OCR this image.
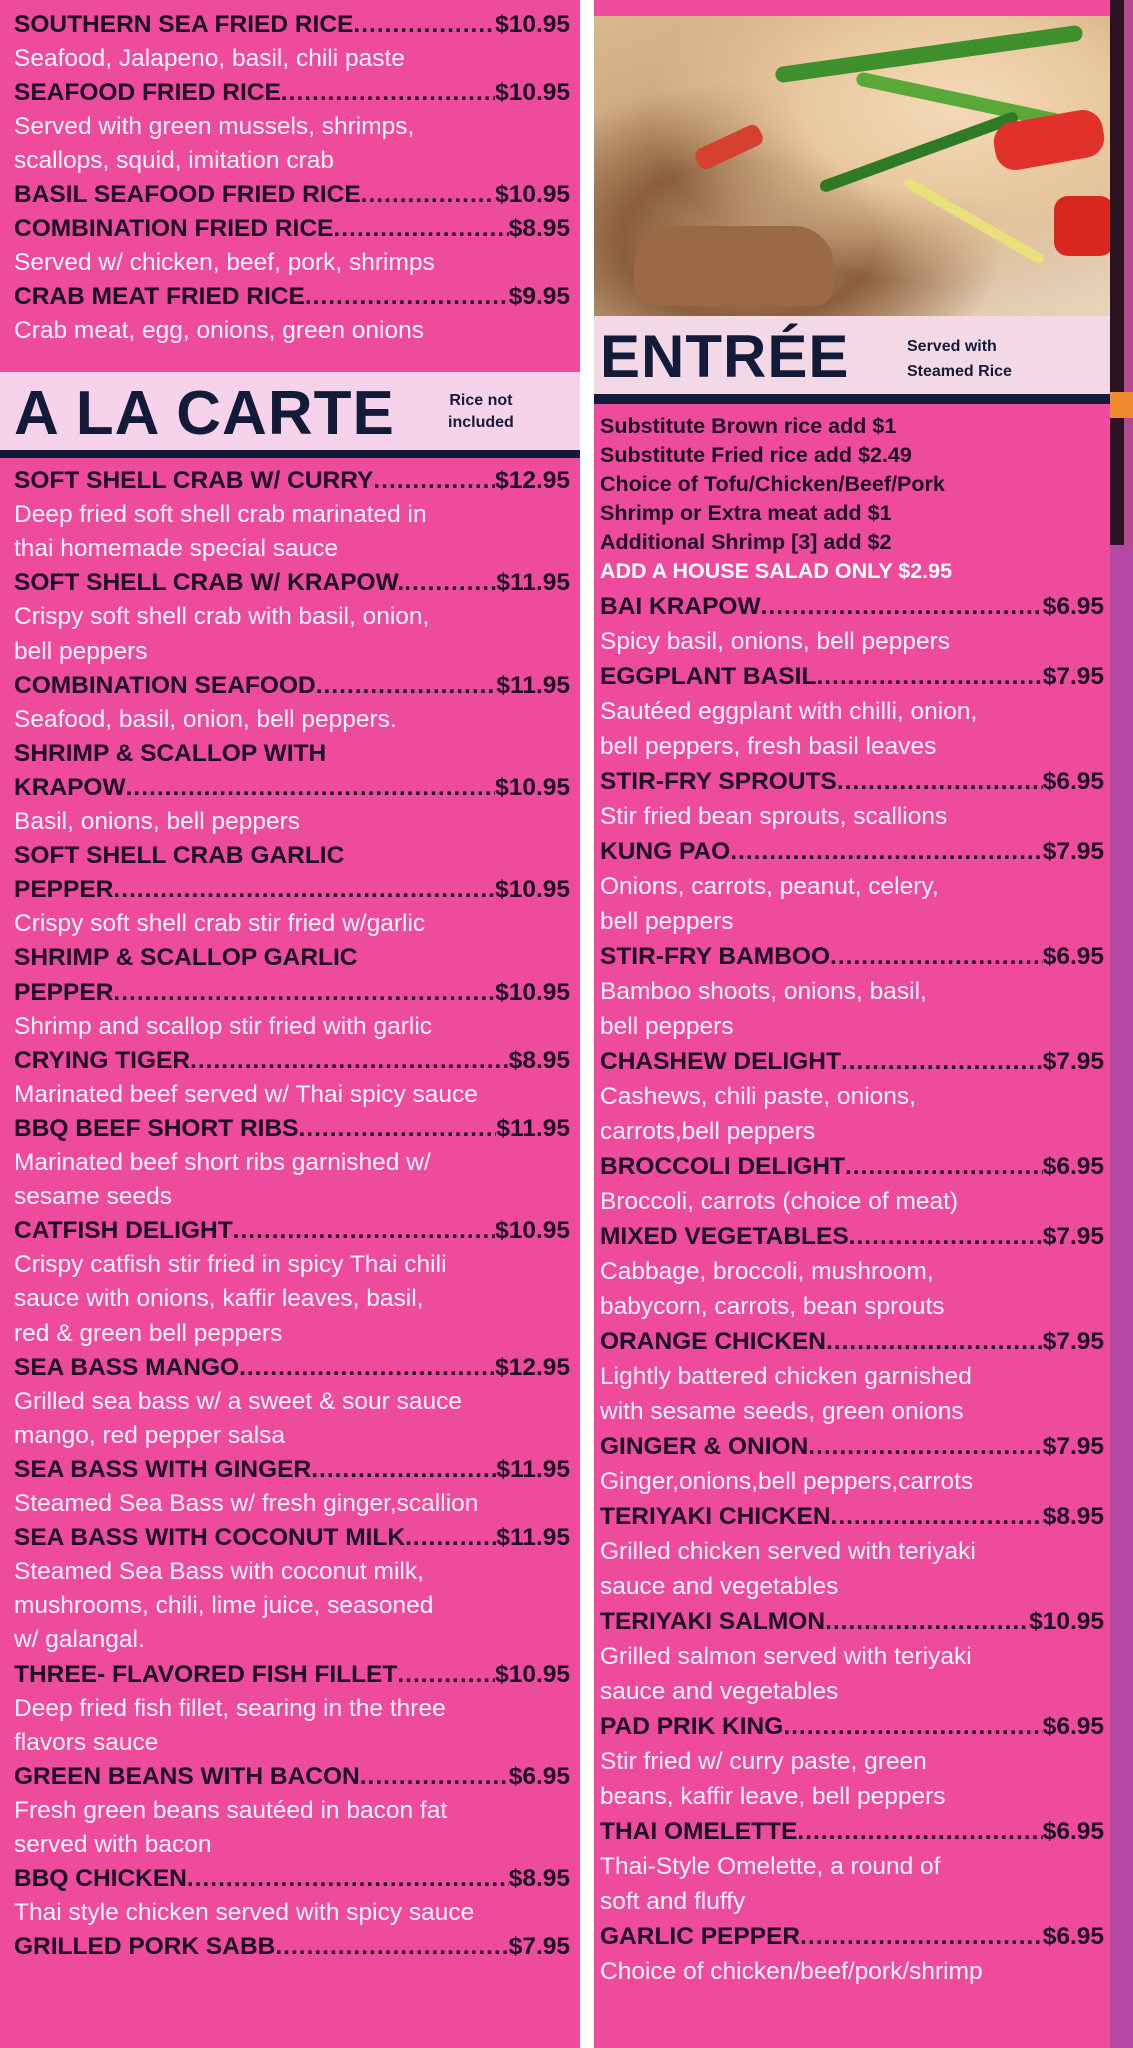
SOUTHERN SEA FRIED RICE .....	$10.95
Seafood, Jalapeno, basil, chili paste
SEAFOOD FRIED RICE .....	$10.95
Served with green mussels, shrimps,
scallops, squid, imitation crab
BASIL SEAFOOD FRIED RICE .....	$10.95
COMBINATION FRIED RICE .....	$8.95
Served w/ chicken, beef, pork, shrimps
CRAB MEAT FRIED RICE .....	$9.95
Crab meat, egg, onions, green onions
A LA CARTE	Rice not
included
SOFT SHELL CRAB W/ CURRY .....	$12.95
Deep fried soft shell crab marinated in
thai homemade special sauce
SOFT SHELL CRAB W/ KRAPOW. .....	$11.95
Crispy soft shell crab with basil, onion,
bell peppers
COMBINATION SEAFOOD .....	$11.95
Seafood, basil, onion, bell peppers.
SHRIMP & SCALLOP WITH
KRAPOW .....	$10.95
Basil, onions, bell peppers
SOFT SHELL CRAB GARLIC
PEPPER .....	$10.95
Crispy soft shell crab stir fried w/garlic
SHRIMP & SCALLOP GARLIC
PEPPER .....	$10.95
Shrimp and scallop stir fried with garlic
CRYING TIGER .....	$8.95
Marinated beef served w/ Thai spicy sauce
BBQ BEEF SHORT RIBS .....	$11.95
Marinated beef short ribs garnished w/
sesame seeds
CATFISH DELIGHT .....	$10.95
Crispy catfish stir fried in spicy Thai chili
sauce with onions, kaffir leaves, basil,
red & green bell peppers
SEA BASS MANGO .....	$12.95
Grilled sea bass w/ a sweet & sour sauce
mango, red pepper salsa
SEA BASS WITH GINGER .....	$11.95
Steamed Sea Bass w/ fresh ginger,scallion
SEA BASS WITH COCONUT MILK .....	$11.95
Steamed Sea Bass with coconut milk,
mushrooms, chili, lime juice, seasoned
w/ galangal.
THREE- FLAVORED FISH FILLET .....	$10.95
Deep fried fish fillet, searing in the three
flavors sauce
GREEN BEANS WITH BACON .....	$6.95
Fresh green beans sautéed in bacon fat
served with bacon
BBQ CHICKEN .....	$8.95
Thai style chicken served with spicy sauce
GRILLED PORK SABB .....	$7.95
ENTRÉE	Served with
Steamed Rice
Substitute Brown rice add $1
Substitute Fried rice add $2.49
Choice of Tofu/Chicken/Beef/Pork
Shrimp or Extra meat add $1
Additional Shrimp [3] add $2
ADD A HOUSE SALAD ONLY $2.95
BAI KRAPOW .....	$6.95
Spicy basil, onions, bell peppers
EGGPLANT BASIL .....	$7.95
Sautéed eggplant with chilli, onion,
bell peppers, fresh basil leaves
STIR-FRY SPROUTS .....	$6.95
Stir fried bean sprouts, scallions
KUNG PAO .....	$7.95
Onions, carrots, peanut, celery,
bell peppers
STIR-FRY BAMBOO .....	$6.95
Bamboo shoots, onions, basil,
bell peppers
CHASHEW DELIGHT .....	$7.95
Cashews, chili paste, onions,
carrots,bell peppers
BROCCOLI DELIGHT .....	$6.95
Broccoli, carrots (choice of meat)
MIXED VEGETABLES .....	$7.95
Cabbage, broccoli, mushroom,
babycorn, carrots, bean sprouts
ORANGE CHICKEN .....	$7.95
Lightly battered chicken garnished
with sesame seeds, green onions
GINGER & ONION .....	$7.95
Ginger,onions,bell peppers,carrots
TERIYAKI CHICKEN .....	$8.95
Grilled chicken served with teriyaki
sauce and vegetables
TERIYAKI SALMON .....	$10.95
Grilled salmon served with teriyaki
sauce and vegetables
PAD PRIK KING .....	$6.95
Stir fried w/ curry paste, green
beans, kaffir leave, bell peppers
THAI OMELETTE .....	$6.95
Thai-Style Omelette, a round of
soft and fluffy
GARLIC PEPPER .....	$6.95
Choice of chicken/beef/pork/shrimp
